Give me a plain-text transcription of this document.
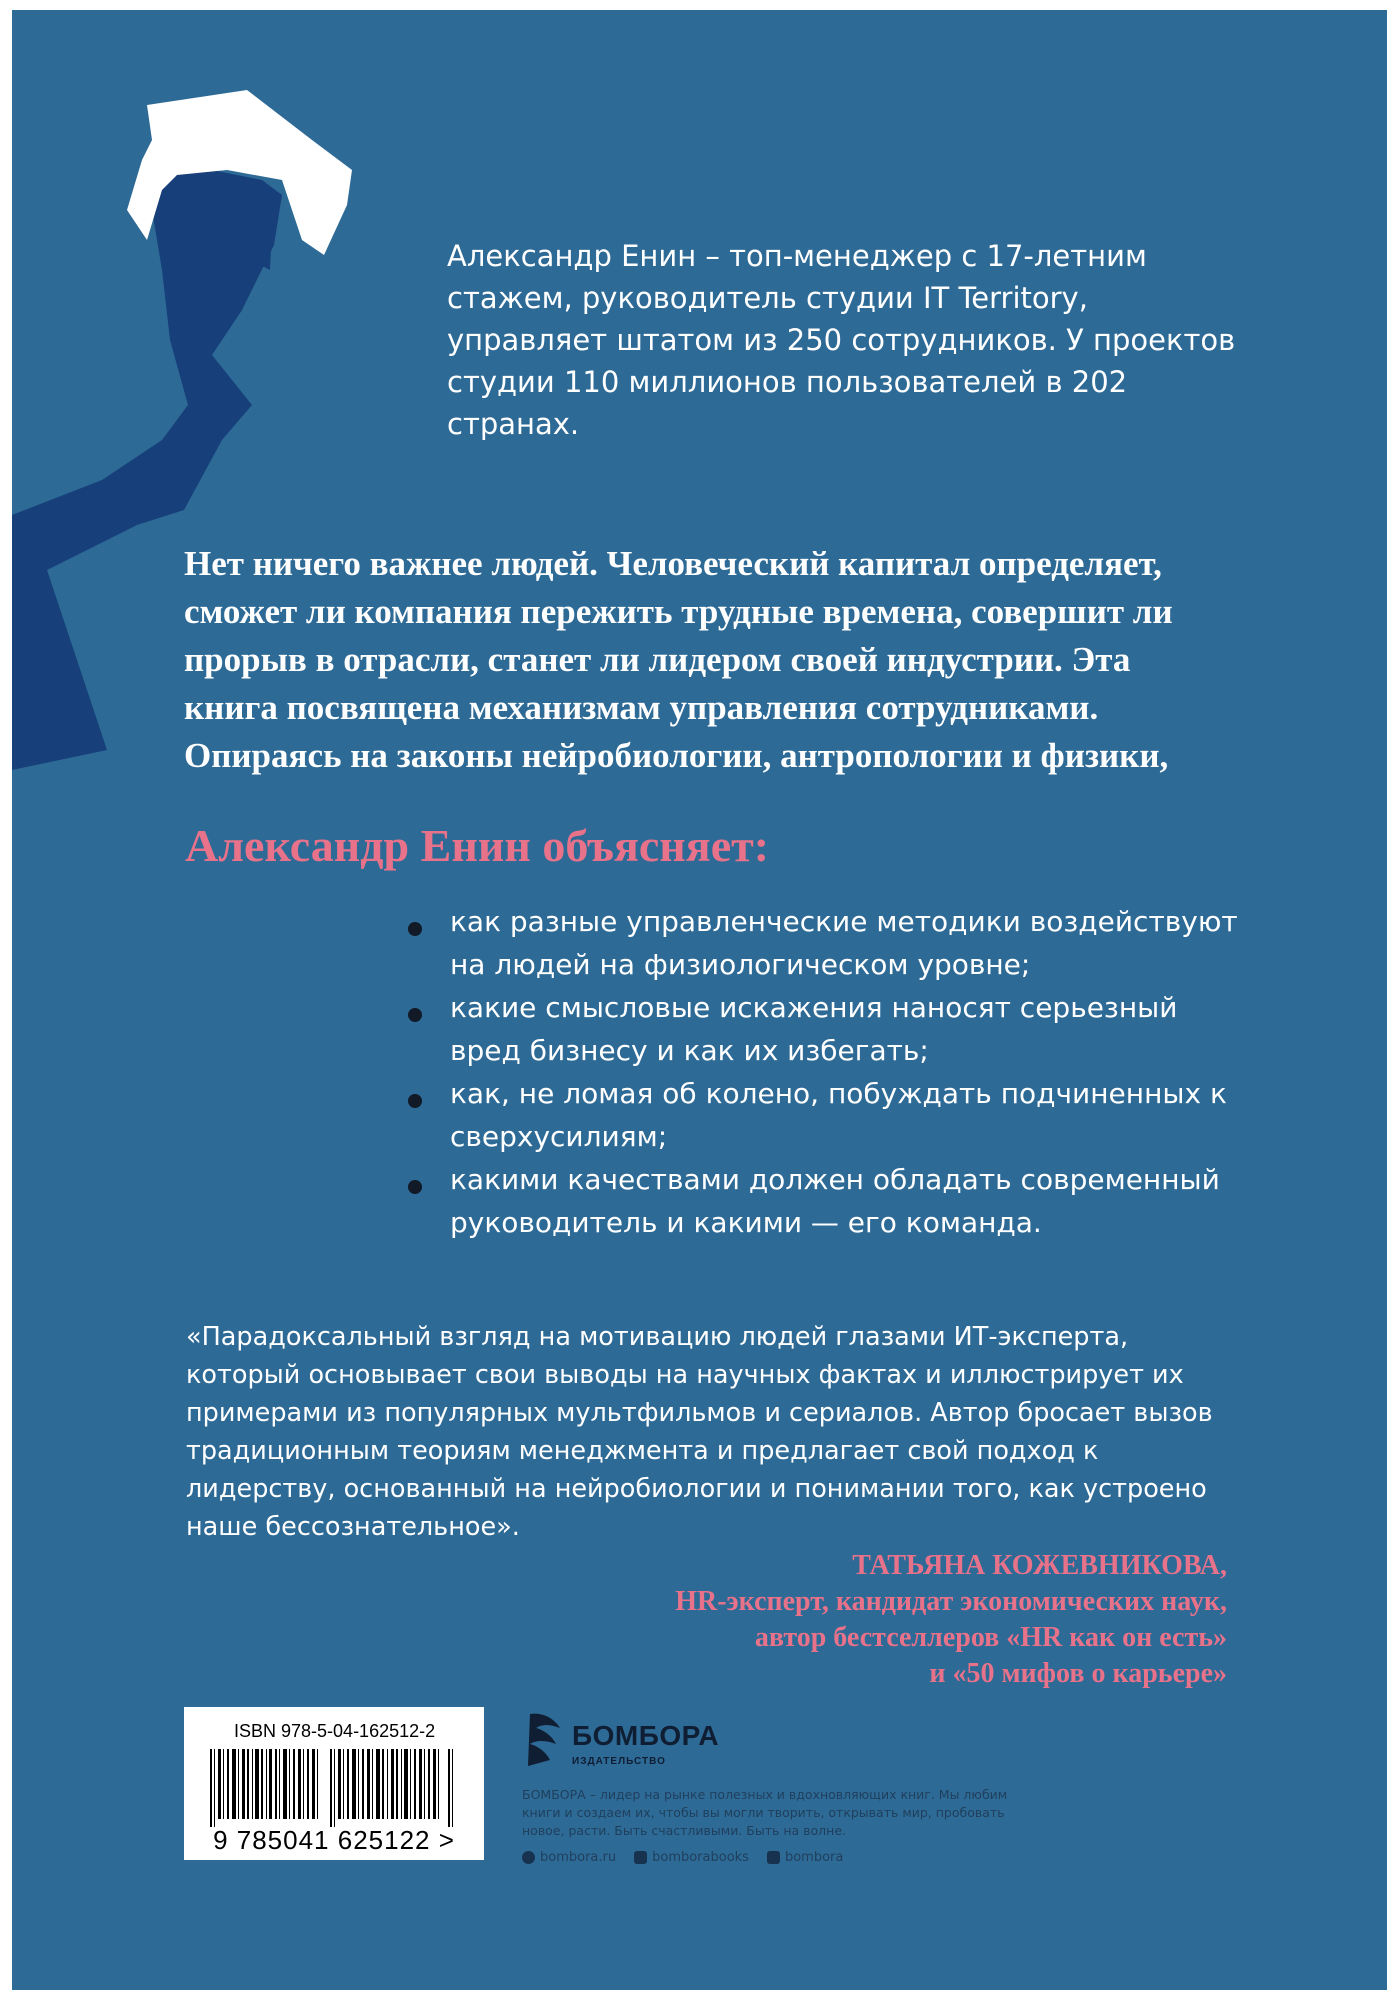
Александр Енин – топ-менеджер с 17-летним стажем, руководитель студии IT Territory, управляет штатом из 250 сотрудников. У проектов студии 110 миллионов пользователей в 202 странах.

Нет ничего важнее людей. Человеческий капитал определяет, сможет ли компания пережить трудные времена, совершит ли прорыв в отрасли, станет ли лидером своей индустрии. Эта книга посвящена механизмам управления сотрудниками. Опираясь на законы нейробиологии, антропологии и физики,

Александр Енин объясняет:
как разные управленческие методики воздействуют на людей на физиологическом уровне;
какие смысловые искажения наносят серьезный вред бизнесу и как их избегать;
как, не ломая об колено, побуждать подчиненных к сверхусилиям;
какими качествами должен обладать современный руководитель и какими — его команда.

«Парадоксальный взгляд на мотивацию людей глазами ИТ-эксперта, который основывает свои выводы на научных фактах и иллюстрирует их примерами из популярных мультфильмов и сериалов. Автор бросает вызов традиционным теориям менеджмента и предлагает свой подход к лидерству, основанный на нейробиологии и понимании того, как устроено наше бессознательное».

ТАТЬЯНА КОЖЕВНИКОВА,
HR-эксперт, кандидат экономических наук,
автор бестселлеров «HR как он есть»
и «50 мифов о карьере»
ISBN 978-5-04-162512-2
9 785041 625122 >
БОМБОРА
ИЗДАТЕЛЬСТВО

БОМБОРА – лидер на рынке полезных и вдохновляющих книг. Мы любим книги и создаем их, чтобы вы могли творить, открывать мир, пробовать новое, расти. Быть счастливыми. Быть на волне.

bombora.ru	bomborabooks	bombora
